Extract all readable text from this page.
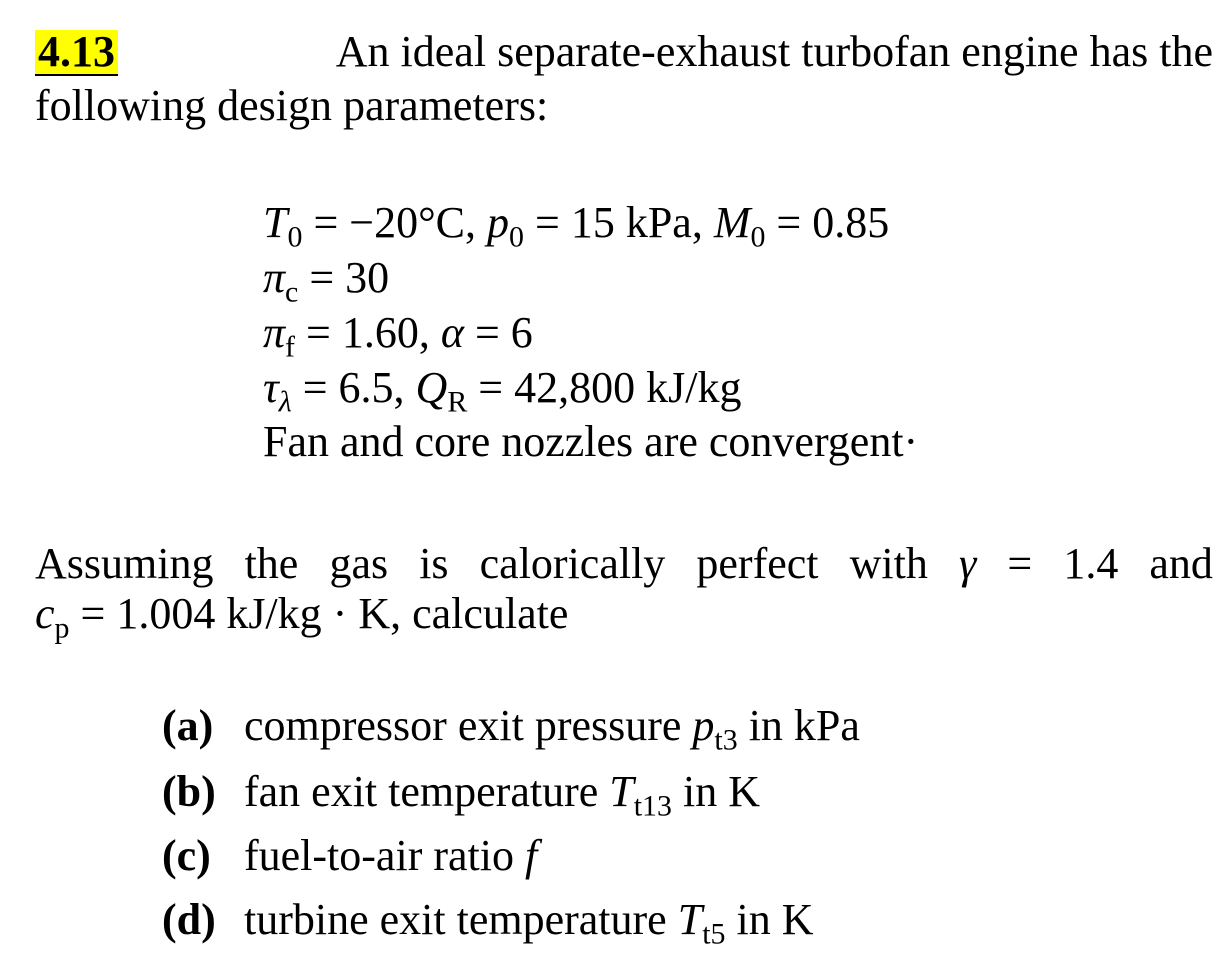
4.13	An ideal separate-exhaust turbofan engine has the
following design parameters:
$T_0 = -20^\circ C$, $p_0 = 15$ kPa, $M_0 = 0.85$
$\pi_c = 30$
$\pi_f = 1.60$, α = 6
$\tau_\lambda = 6.5$, $Q_R = 42,800$ kJ/kg
Fan and core nozzles are convergent·
Assuming the gas is calorically perfect with γ = 1.4 and
$c_p = 1.004$ kJ/kg · K, calculate
(a) compressor exit pressure $p_{t3}$ in kPa
(b) fan exit temperature $T_{t13}$ in K
(c) fuel-to-air ratio f
(d) turbine exit temperature $T_{t5}$ in K
